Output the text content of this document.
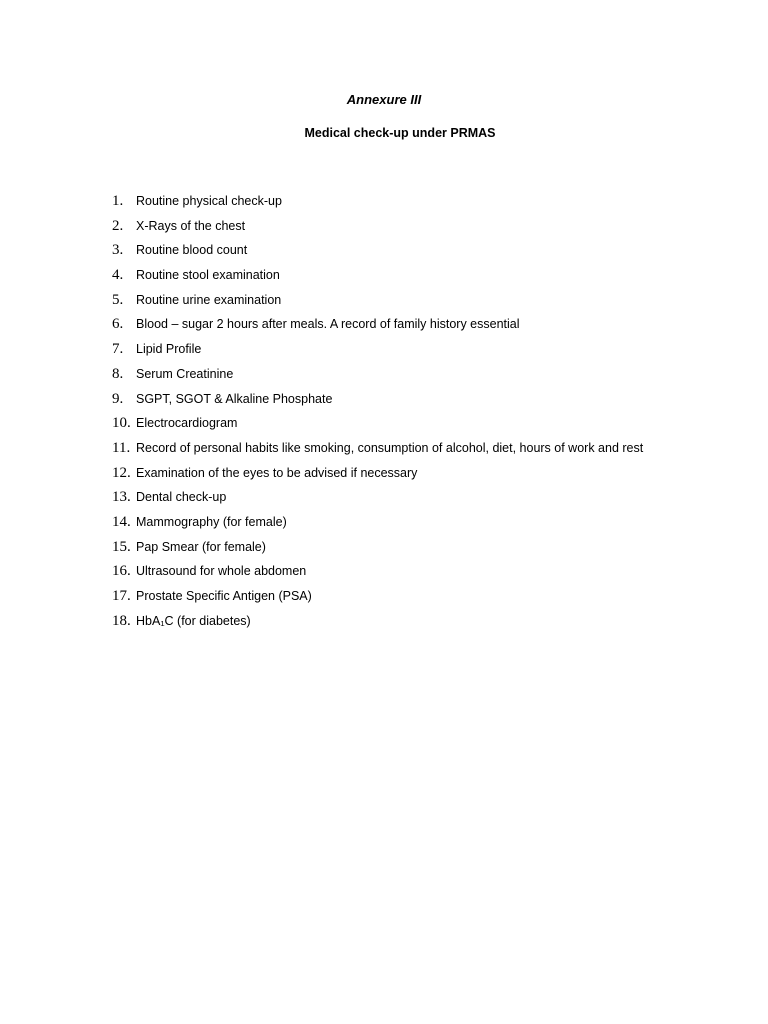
Annexure III
Medical check-up under PRMAS
1. Routine physical check-up
2. X-Rays of the chest
3. Routine blood count
4. Routine stool examination
5. Routine urine examination
6. Blood – sugar 2 hours after meals. A record of family history essential
7. Lipid Profile
8. Serum Creatinine
9. SGPT, SGOT & Alkaline Phosphate
10. Electrocardiogram
11. Record of personal habits like smoking, consumption of alcohol, diet, hours of work and rest
12. Examination of the eyes to be advised if necessary
13. Dental check-up
14. Mammography (for female)
15. Pap Smear (for female)
16. Ultrasound for whole abdomen
17. Prostate Specific Antigen (PSA)
18. HbA₁C (for diabetes)
